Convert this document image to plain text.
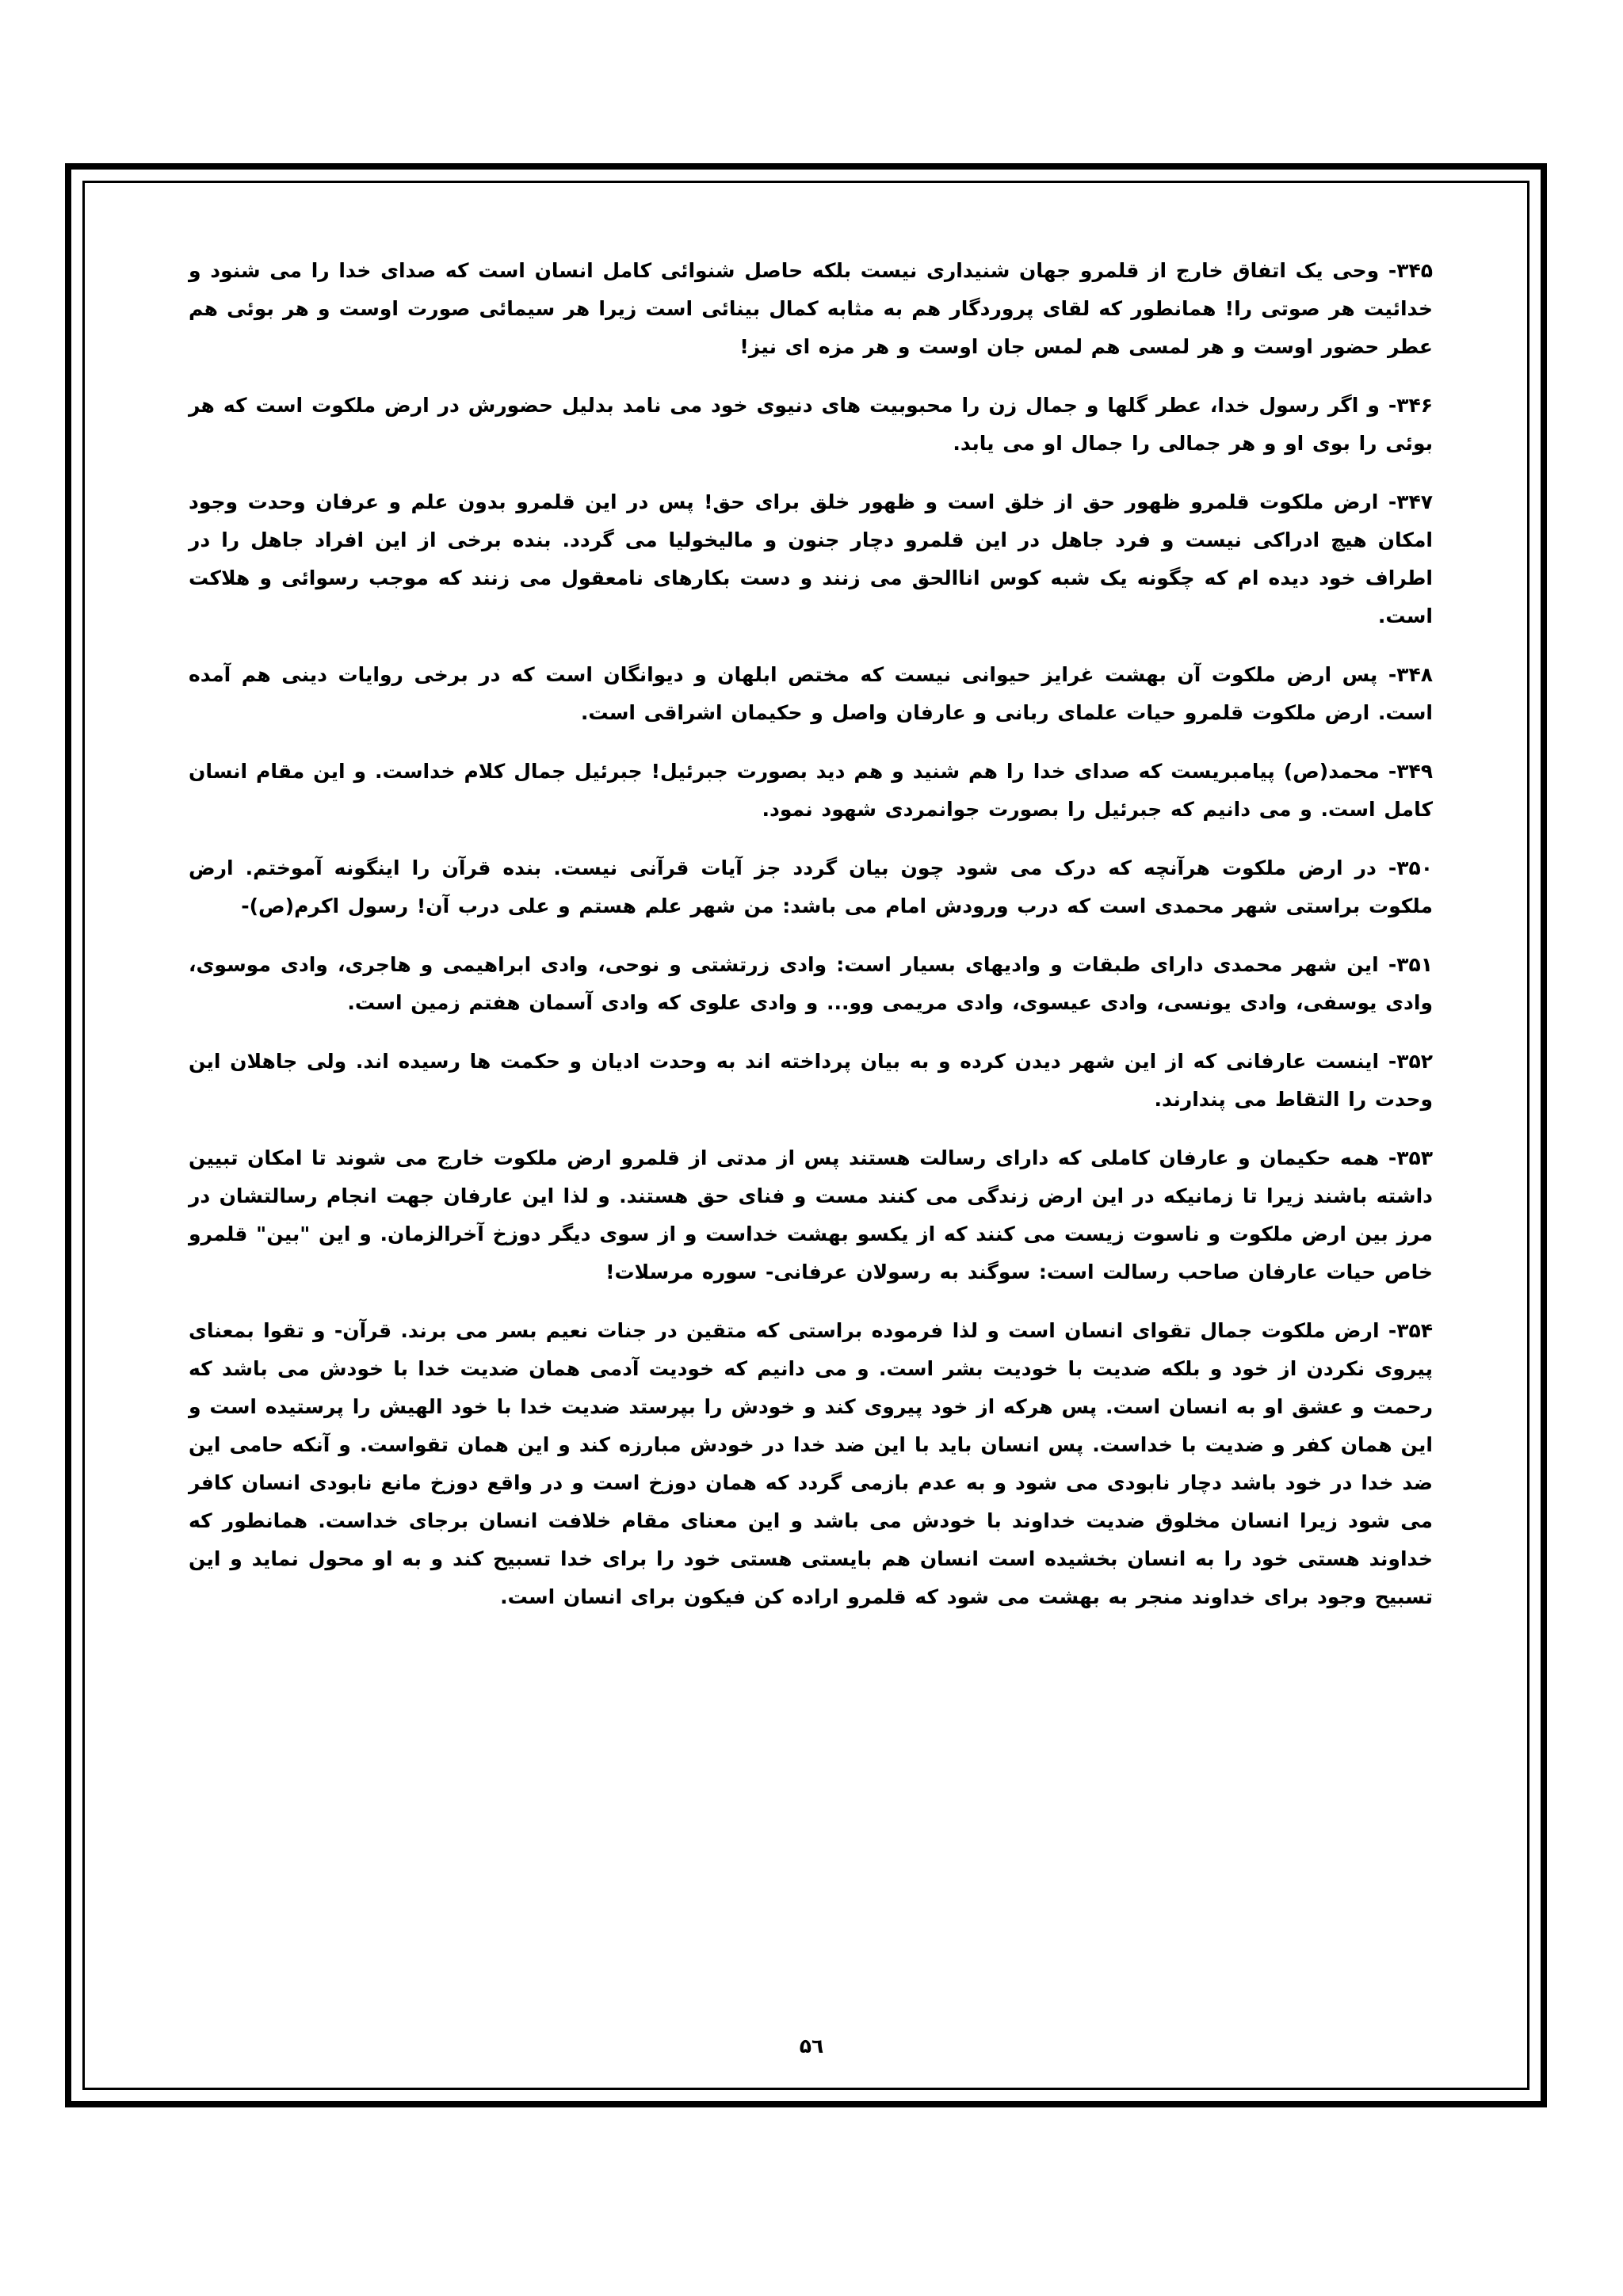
۳۴۵- وحی یک اتفاق خارج از قلمرو جهان شنیداری نیست بلکه حاصل شنوائی کامل انسان است که صدای خدا را می شنود و خدائیت هر صوتی را! همانطور که لقای پروردگار هم به مثابه کمال بینائی است زیرا هر سیمائی صورت اوست و هر بوئی هم عطر حضور اوست و هر لمسی هم لمس جان اوست و هر مزه ای نیز!

۳۴۶- و اگر رسول خدا، عطر گلها و جمال زن را محبوبیت های دنیوی خود می نامد بدلیل حضورش در ارض ملکوت است که هر بوئی را بوی او و هر جمالی را جمال او می یابد.

۳۴۷- ارض ملکوت قلمرو ظهور حق از خلق است و ظهور خلق برای حق! پس در این قلمرو بدون علم و عرفان وحدت وجود امکان هیچ ادراکی نیست و فرد جاهل در این قلمرو دچار جنون و مالیخولیا می گردد. بنده برخی از این افراد جاهل را در اطراف خود دیده ام که چگونه یک شبه کوس اناالحق می زنند و دست بکارهای نامعقول می زنند که موجب رسوائی و هلاکت است.

۳۴۸- پس ارض ملکوت آن بهشت غرایز حیوانی نیست که مختص ابلهان و دیوانگان است که در برخی روایات دینی هم آمده است. ارض ملکوت قلمرو حیات علمای ربانی و عارفان واصل و حکیمان اشراقی است.

۳۴۹- محمد(ص) پیامبریست که صدای خدا را هم شنید و هم دید بصورت جبرئیل! جبرئیل جمال کلام خداست. و این مقام انسان کامل است. و می دانیم که جبرئیل را بصورت جوانمردی شهود نمود.

۳۵۰- در ارض ملکوت هرآنچه که درک می شود چون بیان گردد جز آیات قرآنی نیست. بنده قرآن را اینگونه آموختم. ارض ملکوت براستی شهر محمدی است که درب ورودش امام می باشد: من شهر علم هستم و علی درب آن! رسول اکرم(ص)-

۳۵۱- این شهر محمدی دارای طبقات و وادیهای بسیار است: وادی زرتشتی و نوحی، وادی ابراهیمی و هاجری، وادی موسوی، وادی یوسفی، وادی یونسی، وادی عیسوی، وادی مریمی وو... و وادی علوی که وادی آسمان هفتم زمین است.

۳۵۲- اینست عارفانی که از این شهر دیدن کرده و به بیان پرداخته اند به وحدت ادیان و حکمت ها رسیده اند. ولی جاهلان این وحدت را التقاط می پندارند.

۳۵۳- همه حکیمان و عارفان کاملی که دارای رسالت هستند پس از مدتی از قلمرو ارض ملکوت خارج می شوند تا امکان تبیین داشته باشند زیرا تا زمانیکه در این ارض زندگی می کنند مست و فنای حق هستند. و لذا این عارفان جهت انجام رسالتشان در مرز بین ارض ملکوت و ناسوت زیست می کنند که از یکسو بهشت خداست و از سوی دیگر دوزخ آخرالزمان. و این "بین" قلمرو خاص حیات عارفان صاحب رسالت است: سوگند به رسولان عرفانی- سوره مرسلات!

۳۵۴- ارض ملکوت جمال تقوای انسان است و لذا فرموده براستی که متقین در جنات نعیم بسر می برند. قرآن- و تقوا بمعنای پیروی نکردن از خود و بلکه ضدیت با خودیت بشر است. و می دانیم که خودیت آدمی همان ضدیت خدا با خودش می باشد که رحمت و عشق او به انسان است. پس هرکه از خود پیروی کند و خودش را بپرستد ضدیت خدا با خود الهیش را پرستیده است و این همان کفر و ضدیت با خداست. پس انسان باید با این ضد خدا در خودش مبارزه کند و این همان تقواست. و آنکه حامی این ضد خدا در خود باشد دچار نابودی می شود و به عدم بازمی گردد که همان دوزخ است و در واقع دوزخ مانع نابودی انسان کافر می شود زیرا انسان مخلوق ضدیت خداوند با خودش می باشد و این معنای مقام خلافت انسان برجای خداست. همانطور که خداوند هستی خود را به انسان بخشیده است انسان هم بایستی هستی خود را برای خدا تسبیح کند و به او محول نماید و این تسبیح وجود برای خداوند منجر به بهشت می شود که قلمرو اراده کن فیکون برای انسان است.

۵٦
